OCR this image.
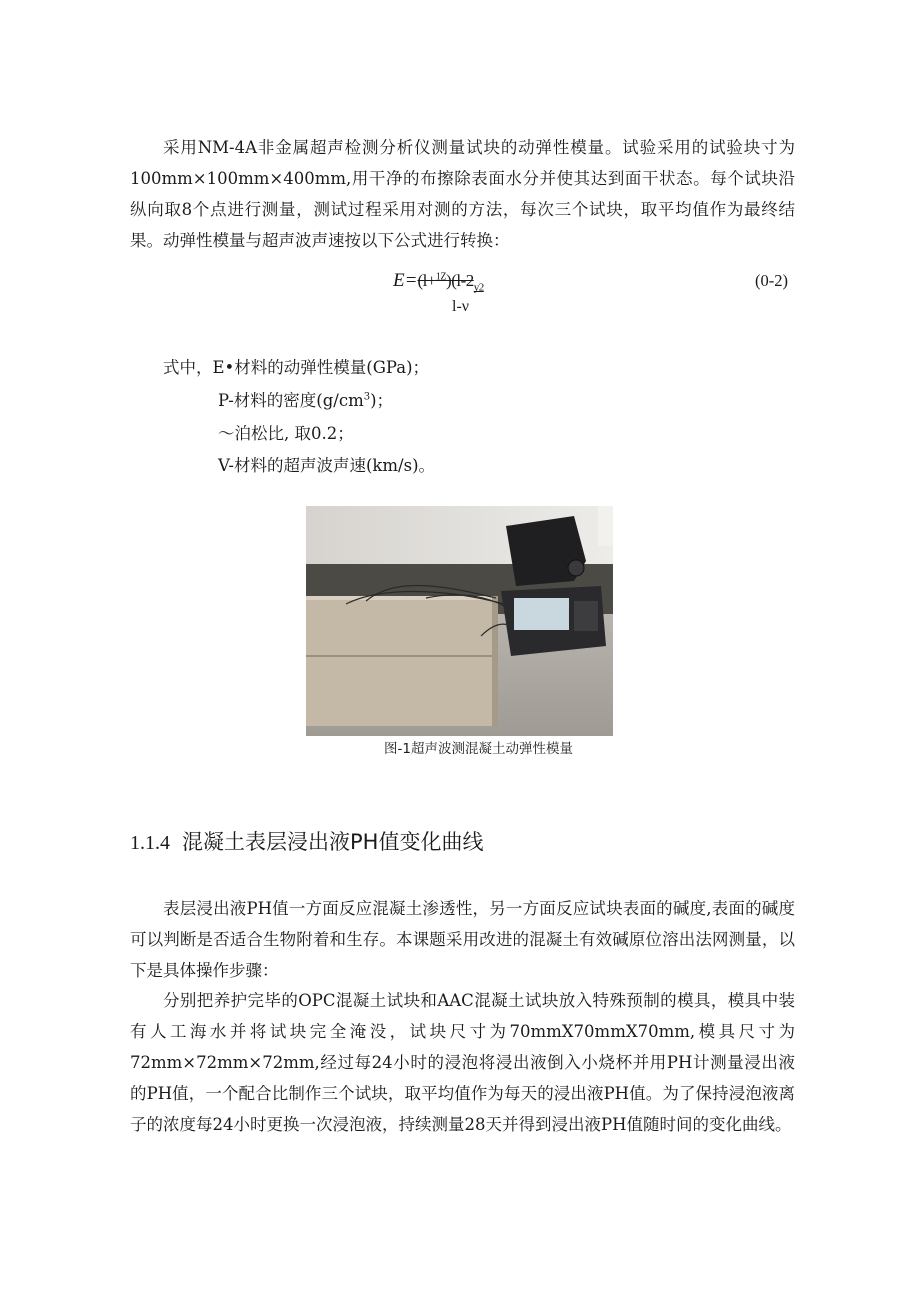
采用NM-4A非金属超声检测分析仪测量试块的动弹性模量。试验采用的试验块寸为100mm×100mm×400mm,用干净的布擦除表面水分并使其达到面干状态。每个试块沿纵向取8个点进行测量，测试过程采用对测的方法，每次三个试块，取平均值作为最终结果。动弹性模量与超声波声速按以下公式进行转换：

$E=(l+^{1Z})(l-2_{y2}$
l-ν
(0-2)
式中，E•材料的动弹性模量(GPa)；
P-材料的密度$(g/cm^3)$；
～泊松比, 取0.2；
V-材料的超声波声速(km/s)。
图-1超声波测混凝土动弹性模量
1.1.4 混凝土表层浸出液PH值变化曲线

表层浸出液PH值一方面反应混凝土渗透性，另一方面反应试块表面的碱度,表面的碱度可以判断是否适合生物附着和生存。本课题采用改进的混凝土有效碱原位溶出法网测量，以下是具体操作步骤：

分别把养护完毕的OPC混凝土试块和AAC混凝土试块放入特殊预制的模具，模具中装有人工海水并将试块完全淹没，试块尺寸为70mmX70mmX70mm,模具尺寸为72mm×72mm×72mm,经过每24小时的浸泡将浸出液倒入小烧杯并用PH计测量浸出液的PH值，一个配合比制作三个试块，取平均值作为每天的浸出液PH值。为了保持浸泡液离子的浓度每24小时更换一次浸泡液，持续测量28天并得到浸出液PH值随时间的变化曲线。
